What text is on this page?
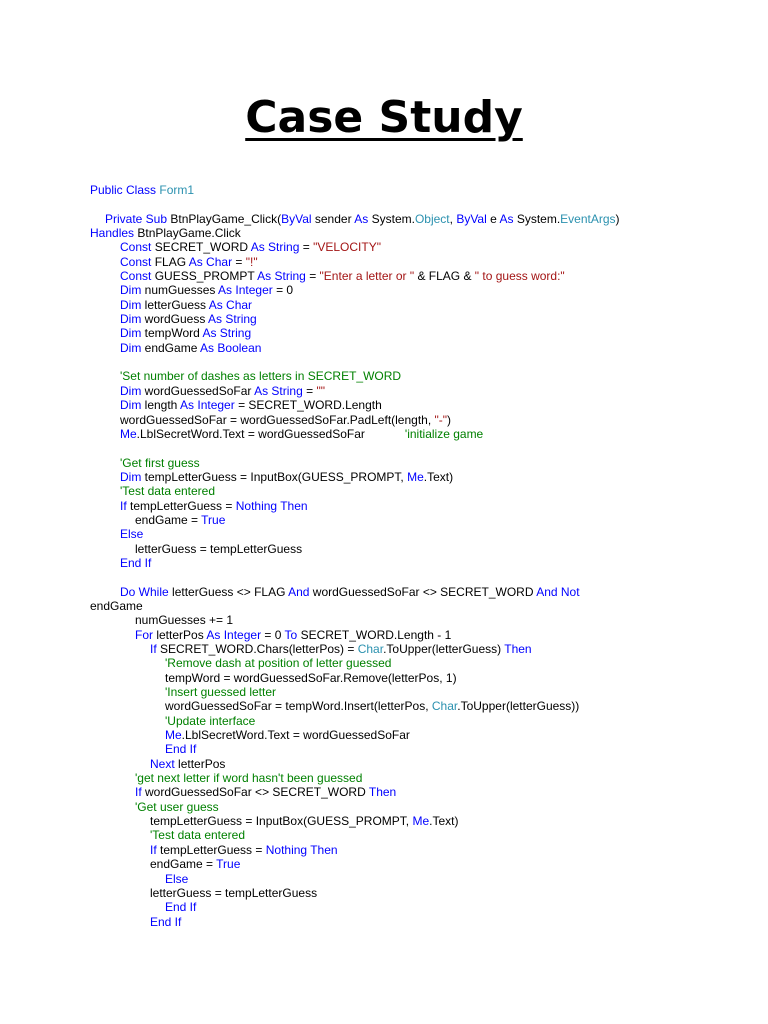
Case Study
Public Class Form1
Private Sub BtnPlayGame_Click(ByVal sender As System.Object, ByVal e As System.EventArgs)
Handles BtnPlayGame.Click
Const SECRET_WORD As String = "VELOCITY"
Const FLAG As Char = "!"
Const GUESS_PROMPT As String = "Enter a letter or " & FLAG & " to guess word:"
Dim numGuesses As Integer = 0
Dim letterGuess As Char
Dim wordGuess As String
Dim tempWord As String
Dim endGame As Boolean
'Set number of dashes as letters in SECRET_WORD
Dim wordGuessedSoFar As String = ""
Dim length As Integer = SECRET_WORD.Length
wordGuessedSoFar = wordGuessedSoFar.PadLeft(length, "-")
Me.LblSecretWord.Text = wordGuessedSoFar            'initialize game
'Get first guess
Dim tempLetterGuess = InputBox(GUESS_PROMPT, Me.Text)
'Test data entered
If tempLetterGuess = Nothing Then
endGame = True
Else
letterGuess = tempLetterGuess
End If
Do While letterGuess <> FLAG And wordGuessedSoFar <> SECRET_WORD And Not
endGame
numGuesses += 1
For letterPos As Integer = 0 To SECRET_WORD.Length - 1
If SECRET_WORD.Chars(letterPos) = Char.ToUpper(letterGuess) Then
'Remove dash at position of letter guessed
tempWord = wordGuessedSoFar.Remove(letterPos, 1)
'Insert guessed letter
wordGuessedSoFar = tempWord.Insert(letterPos, Char.ToUpper(letterGuess))
'Update interface
Me.LblSecretWord.Text = wordGuessedSoFar
End If
Next letterPos
'get next letter if word hasn't been guessed
If wordGuessedSoFar <> SECRET_WORD Then
'Get user guess
tempLetterGuess = InputBox(GUESS_PROMPT, Me.Text)
'Test data entered
If tempLetterGuess = Nothing Then
endGame = True
Else
letterGuess = tempLetterGuess
End If
End If
